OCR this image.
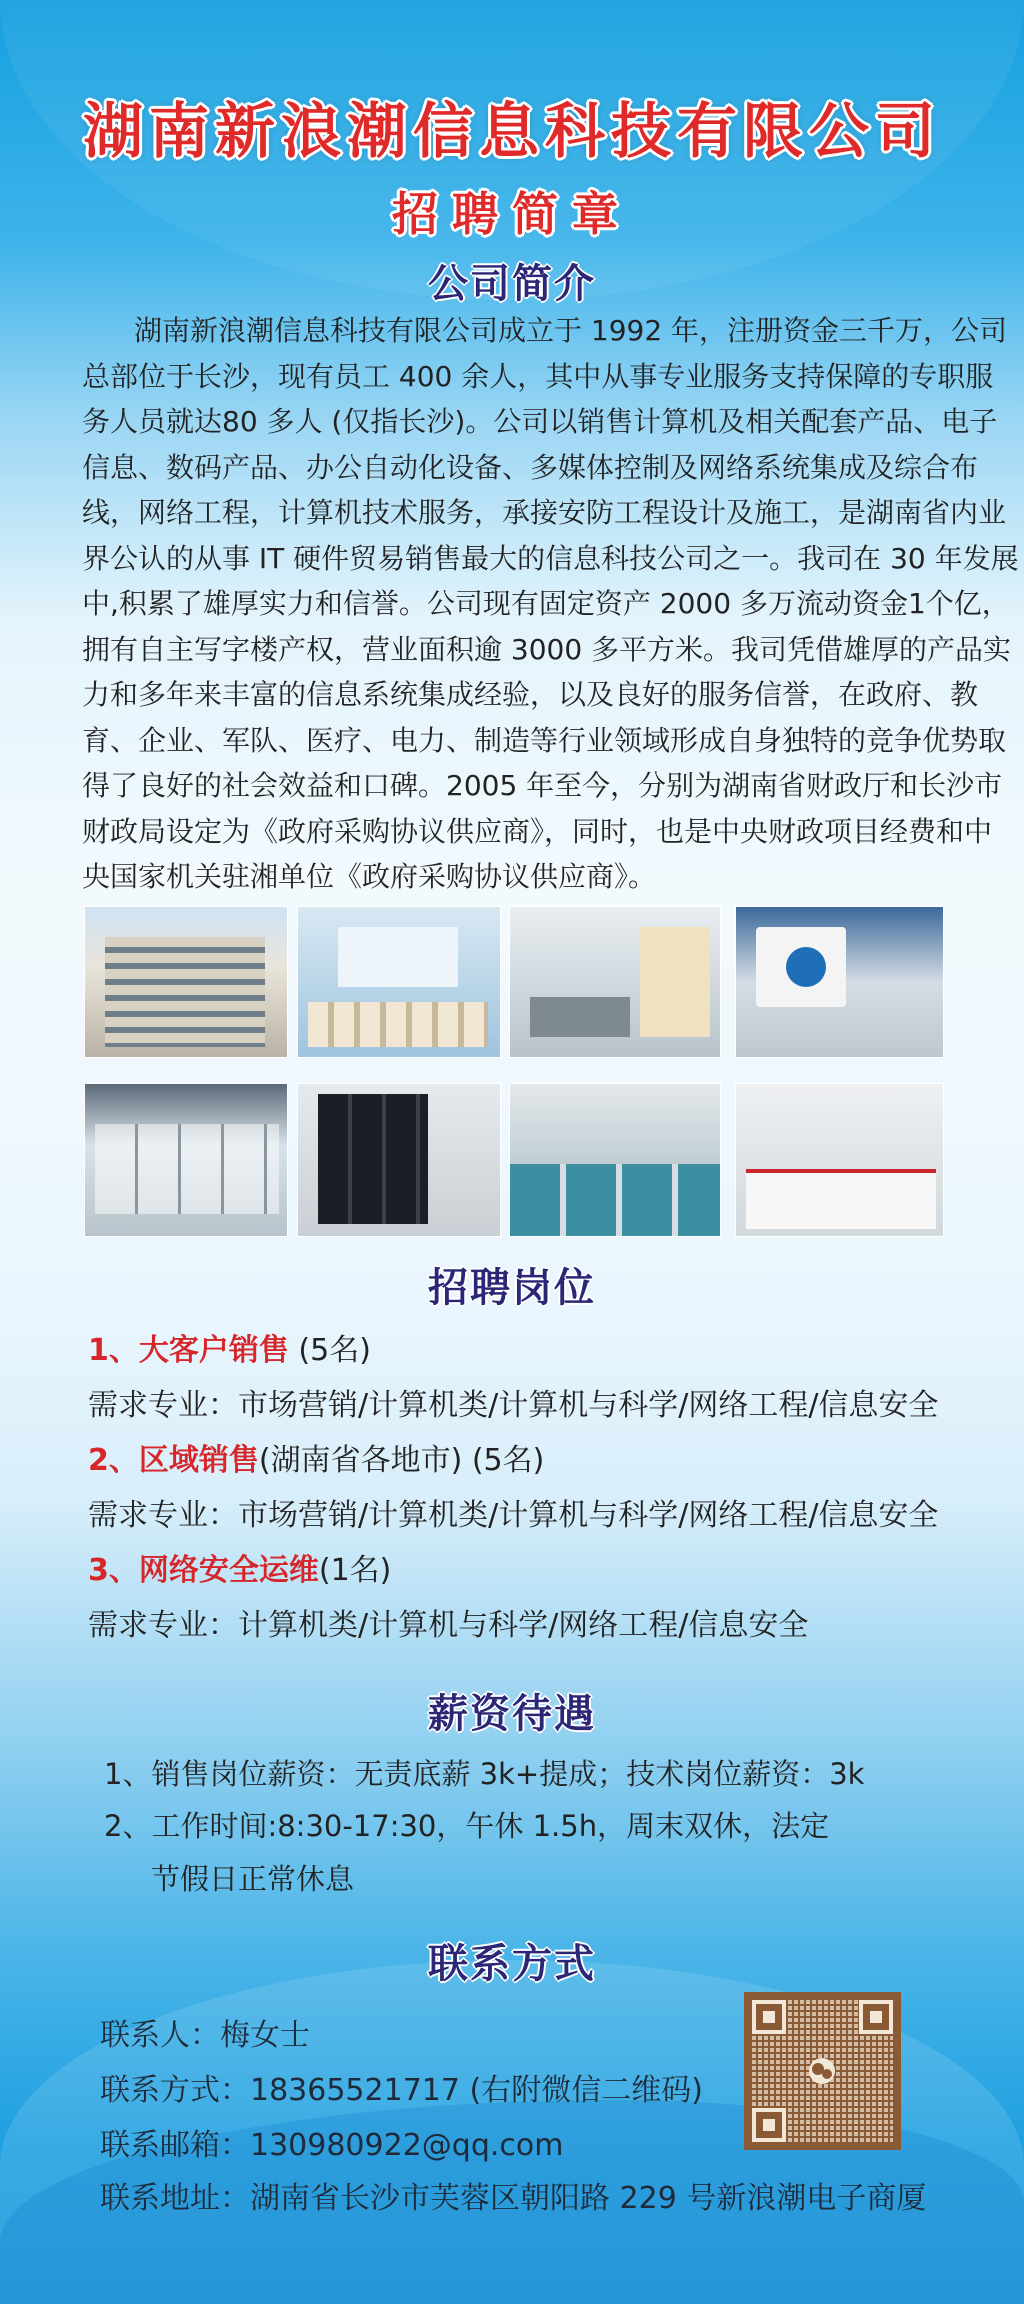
湖南新浪潮信息科技有限公司
招聘简章
公司简介
湖南新浪潮信息科技有限公司成立于 1992 年，注册资金三千万，公司
总部位于长沙，现有员工 400 余人，其中从事专业服务支持保障的专职服
务人员就达80 多人 (仅指长沙)。公司以销售计算机及相关配套产品、电子
信息、数码产品、办公自动化设备、多媒体控制及网络系统集成及综合布
线，网络工程，计算机技术服务，承接安防工程设计及施工，是湖南省内业
界公认的从事 IT 硬件贸易销售最大的信息科技公司之一。我司在 30 年发展
中,积累了雄厚实力和信誉。公司现有固定资产 2000 多万流动资金1个亿，
拥有自主写字楼产权，营业面积逾 3000 多平方米。我司凭借雄厚的产品实
力和多年来丰富的信息系统集成经验，以及良好的服务信誉，在政府、教
育、企业、军队、医疗、电力、制造等行业领域形成自身独特的竞争优势取
得了良好的社会效益和口碑。2005 年至今，分别为湖南省财政厅和长沙市
财政局设定为《政府采购协议供应商》，同时，也是中央财政项目经费和中
央国家机关驻湘单位《政府采购协议供应商》。
招聘岗位
1、大客户销售 (5名)
需求专业：市场营销/计算机类/计算机与科学/网络工程/信息安全
2、区域销售(湖南省各地市) (5名)
需求专业：市场营销/计算机类/计算机与科学/网络工程/信息安全
3、网络安全运维(1名)
需求专业：计算机类/计算机与科学/网络工程/信息安全
薪资待遇
1、销售岗位薪资：无责底薪 3k+提成；技术岗位薪资：3k
2、工作时间:8:30-17:30，午休 1.5h，周末双休，法定
节假日正常休息
联系方式
联系人：梅女士
联系方式：18365521717 (右附微信二维码)
联系邮箱：130980922@qq.com
联系地址：湖南省长沙市芙蓉区朝阳路 229 号新浪潮电子商厦
